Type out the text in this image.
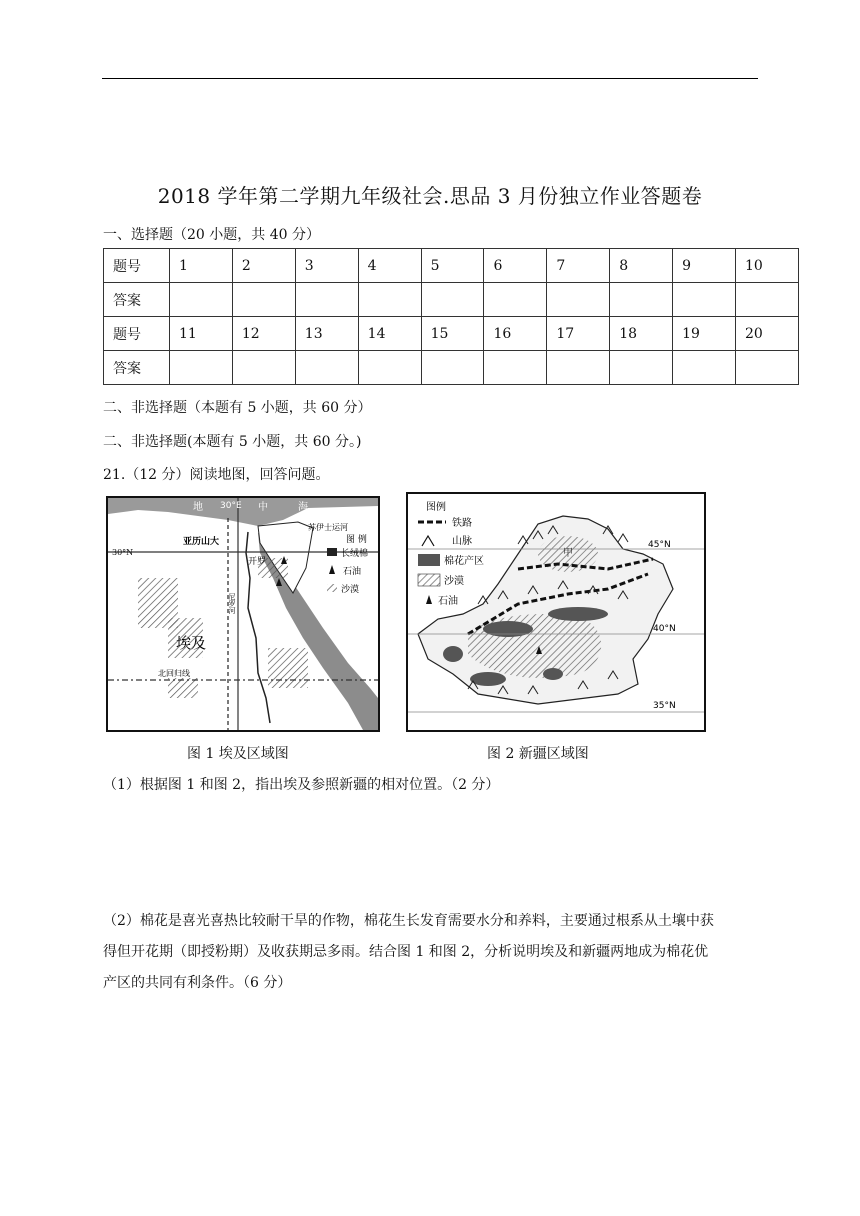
2018 学年第二学期九年级社会.思品 3 月份独立作业答题卷
一、选择题（20 小题，共 40 分）
题号	1	2	3	4	5	6	7	8	9	10
答案										
题号	11	12	13	14	15	16	17	18	19	20
答案										
二、非选择题（本题有 5 小题，共 60 分）
二、非选择题(本题有 5 小题，共 60 分。)
21.（12 分）阅读地图，回答问题。
地 30°E 中	海
苏伊士运河
亚历山大
开罗
尼罗河
埃及
北回归线
红
海
图 例
长绒棉
石油
沙漠
30°N
图例
铁路
山脉
棉花产区
沙漠
石油
45°N
40°N
35°N
甲
图 1 埃及区域图	图 2 新疆区域图
（1）根据图 1 和图 2，指出埃及参照新疆的相对位置。（2 分）
（2）棉花是喜光喜热比较耐干旱的作物，棉花生长发育需要水分和养料，主要通过根系从土壤中获
得但开花期（即授粉期）及收获期忌多雨。结合图 1 和图 2，分析说明埃及和新疆两地成为棉花优
产区的共同有利条件。（6 分）
